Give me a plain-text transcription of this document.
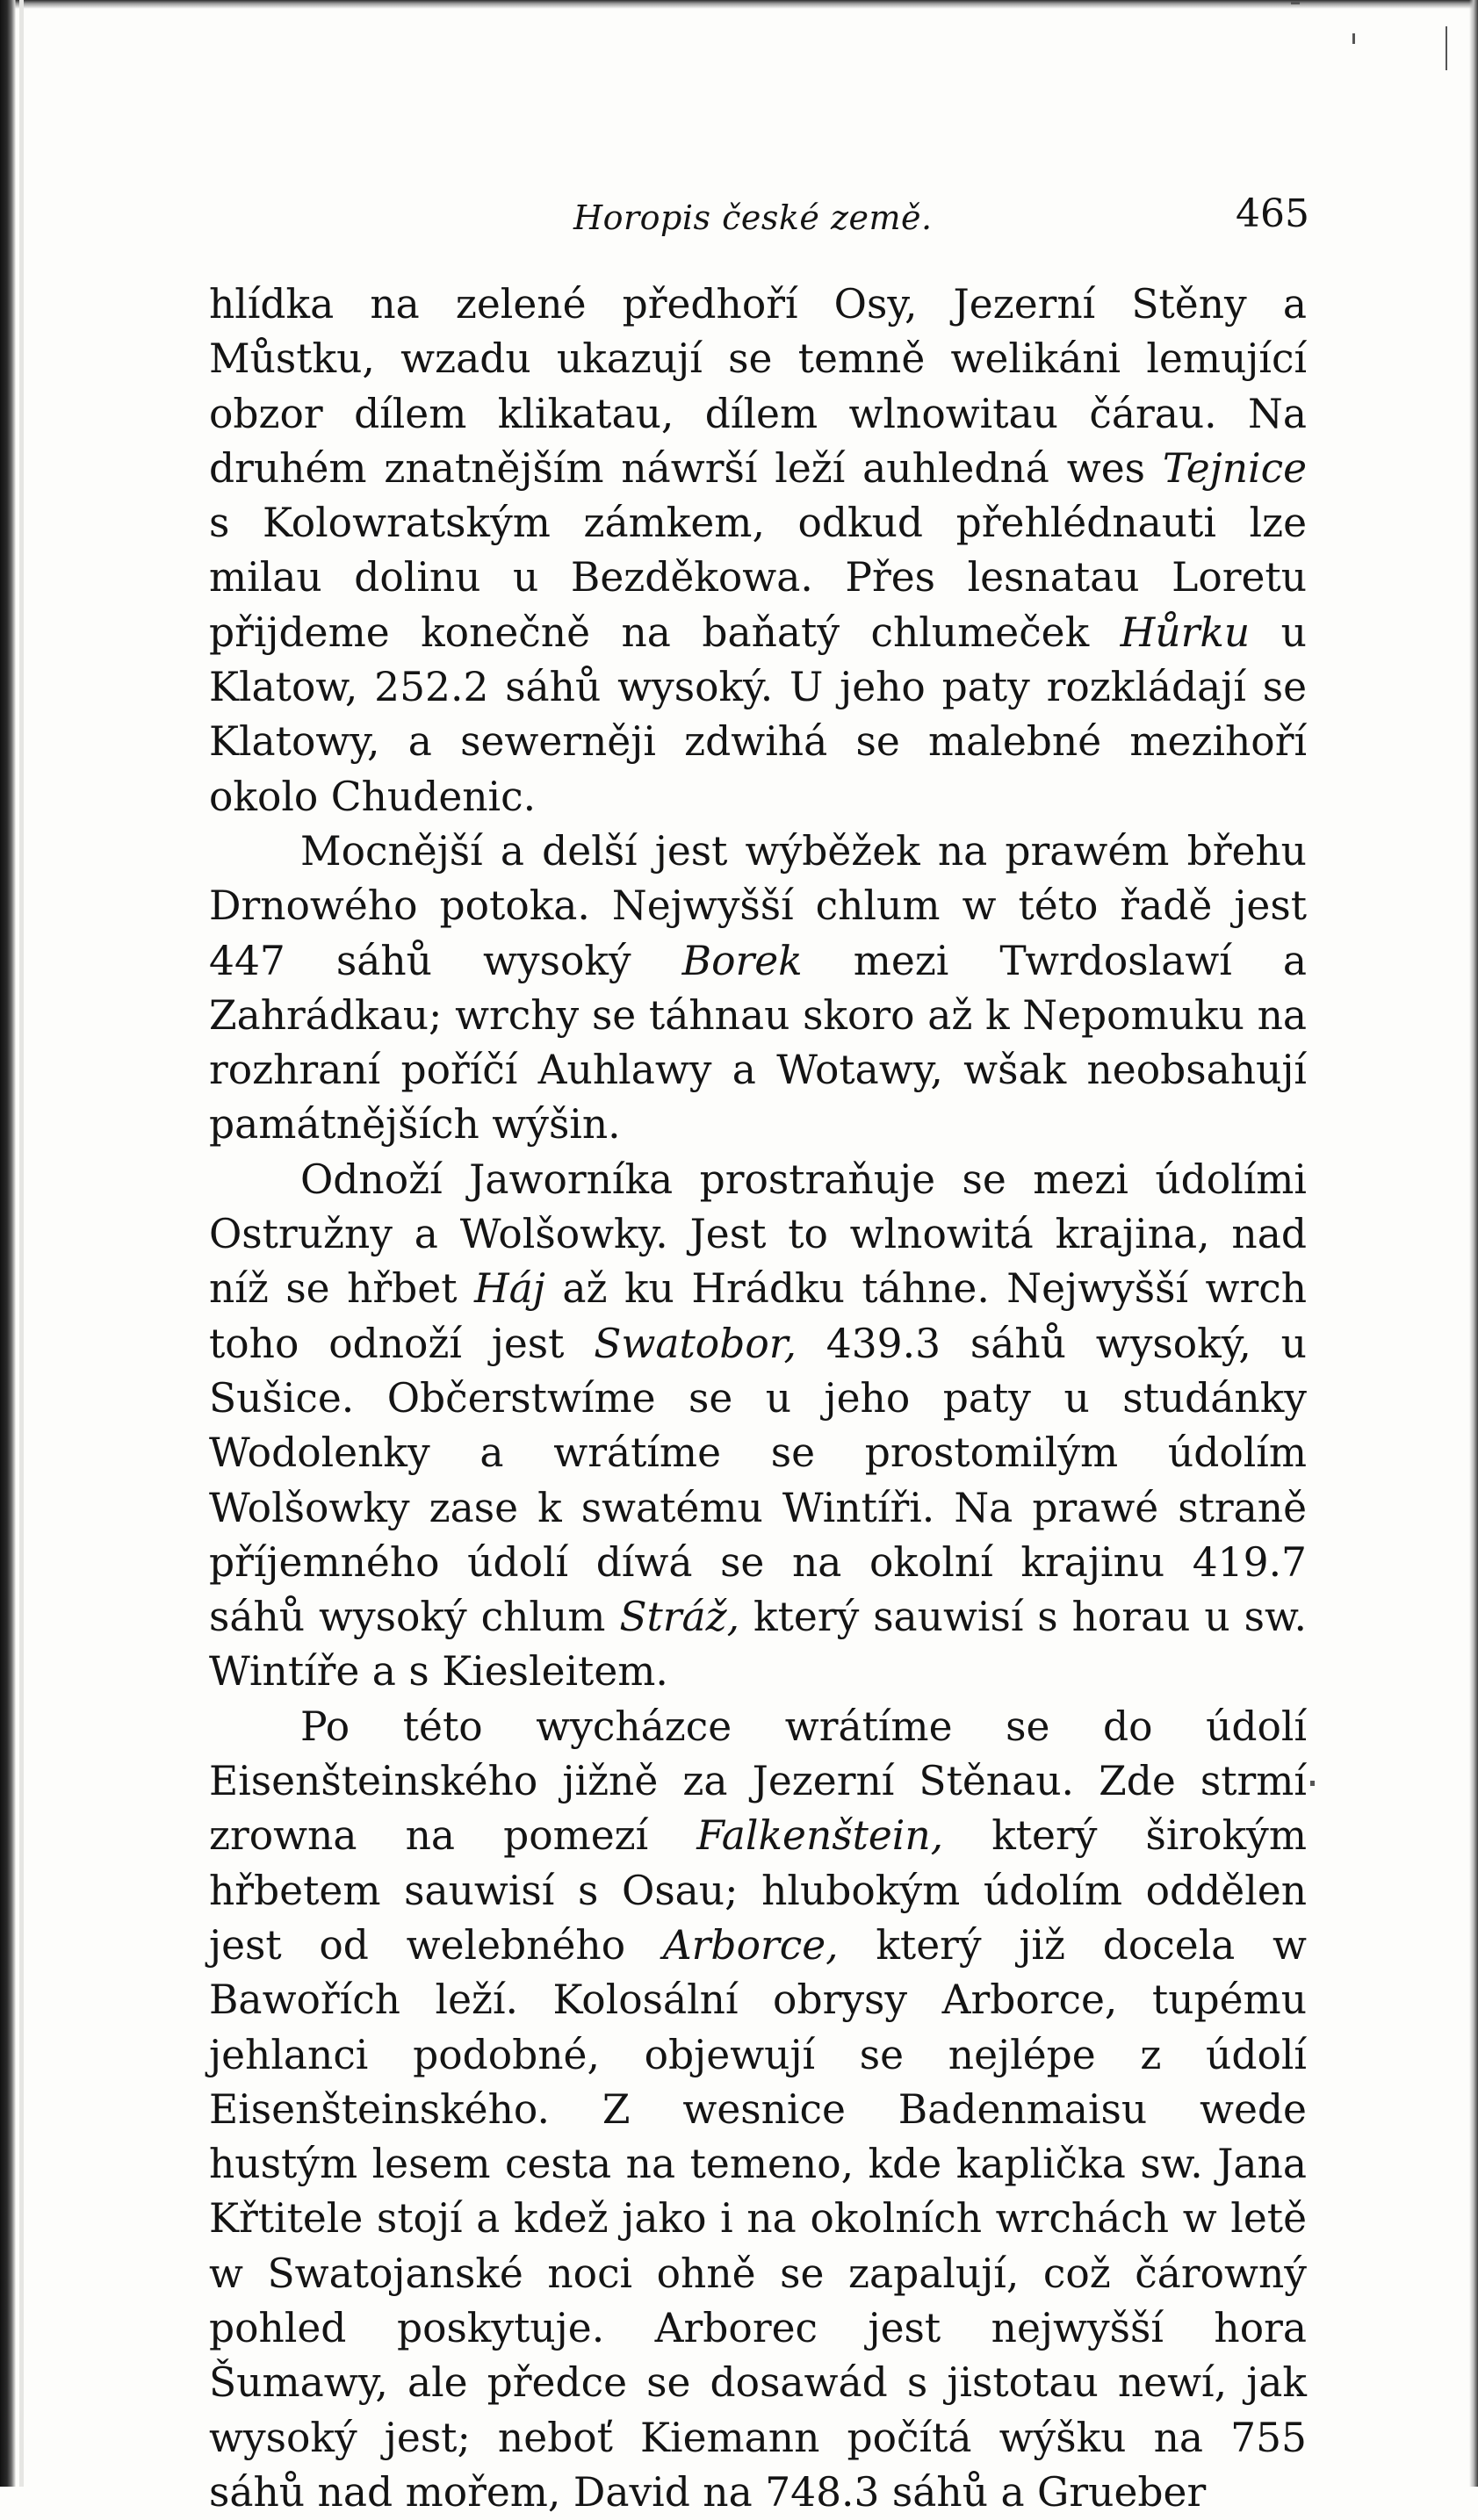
Horopis české země.	465

hlídka na zelené předhoří Osy, Jezerní Stěny a Můstku, wzadu ukazují se temně welikáni lemující obzor dílem klikatau, dílem wlnowitau čárau. Na druhém znatnějším náwrší leží auhledná wes Tejnice s Kolowratským zámkem, odkud přehlédnauti lze milau dolinu u Bezděkowa. Přes lesnatau Loretu přijdeme konečně na baňatý chlumeček Hůrku u Klatow, 252.2 sáhů wysoký. U jeho paty rozkládají se Klatowy, a sewerněji zdwihá se malebné mezihoří okolo Chudenic.

Mocnější a delší jest wýběžek na prawém břehu Drnowého potoka. Nejwyšší chlum w této řadě jest 447 sáhů wysoký Borek mezi Twrdoslawí a Zahrádkau; wrchy se táhnau skoro až k Nepomuku na rozhraní poříčí Auhlawy a Wotawy, wšak neobsahují památnějších wýšin.

Odnoží Jaworníka prostraňuje se mezi údolími Ostružny a Wolšowky. Jest to wlnowitá krajina, nad níž se hřbet Háj až ku Hrádku táhne. Nejwyšší wrch toho odnoží jest Swatobor, 439.3 sáhů wysoký, u Sušice. Občerstwíme se u jeho paty u studánky Wodolenky a wrátíme se prostomilým údolím Wolšowky zase k swatému Wintíři. Na prawé straně příjemného údolí díwá se na okolní krajinu 419.7 sáhů wysoký chlum Stráž, který sauwisí s horau u sw. Wintíře a s Kiesleitem.

Po této wycházce wrátíme se do údolí Eisenšteinského jižně za Jezerní Stěnau. Zde strmí zrowna na pomezí Falkenštein, který širokým hřbetem sauwisí s Osau; hlubokým údolím oddělen jest od welebného Arborce, který již docela w Bawořích leží. Kolosální obrysy Arborce, tupému jehlanci podobné, objewují se nejlépe z údolí Eisenšteinského. Z wesnice Badenmaisu wede hustým lesem cesta na temeno, kde kaplička sw. Jana Křtitele stojí a kdež jako i na okolních wrchách w letě w Swatojanské noci ohně se zapalují, což čárowný pohled poskytuje. Arborec jest nejwyšší hora Šumawy, ale předce se dosawád s jistotau newí, jak wysoký jest; neboť Kiemann počítá wýšku na 755 sáhů nad mořem, David na 748.3 sáhů a Grueber
